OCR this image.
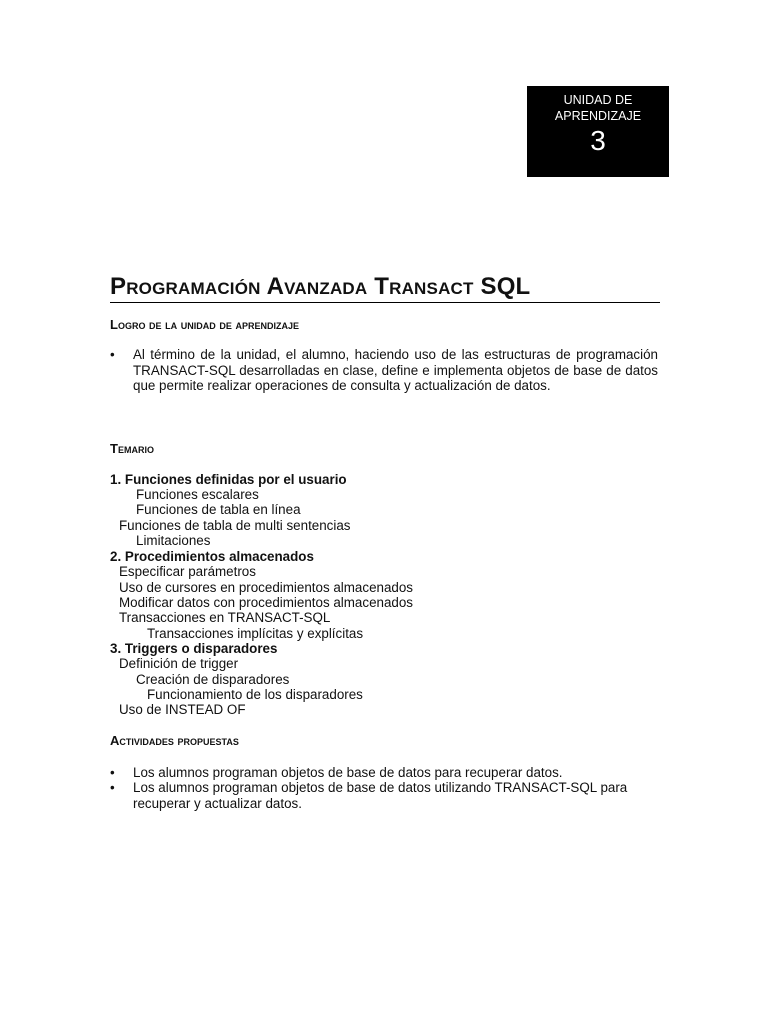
UNIDAD DE
APRENDIZAJE
3
Programación Avanzada Transact SQL
Logro de la unidad de aprendizaje
•	Al término de la unidad, el alumno, haciendo uso de las estructuras de programación TRANSACT-SQL desarrolladas en clase, define e implementa objetos de base de datos que permite realizar operaciones de consulta y actualización de datos.
Temario
1. Funciones definidas por el usuario
Funciones escalares
Funciones de tabla en línea
Funciones de tabla de multi sentencias
Limitaciones
2. Procedimientos almacenados
Especificar parámetros
Uso de cursores en procedimientos almacenados
Modificar datos con procedimientos almacenados
Transacciones en TRANSACT-SQL
Transacciones implícitas y explícitas
3. Triggers o disparadores
Definición de trigger
Creación de disparadores
Funcionamiento de los disparadores
Uso de INSTEAD OF
Actividades propuestas
•	Los alumnos programan objetos de base de datos para recuperar datos.
•	Los alumnos programan objetos de base de datos utilizando TRANSACT-SQL para recuperar y actualizar datos.
